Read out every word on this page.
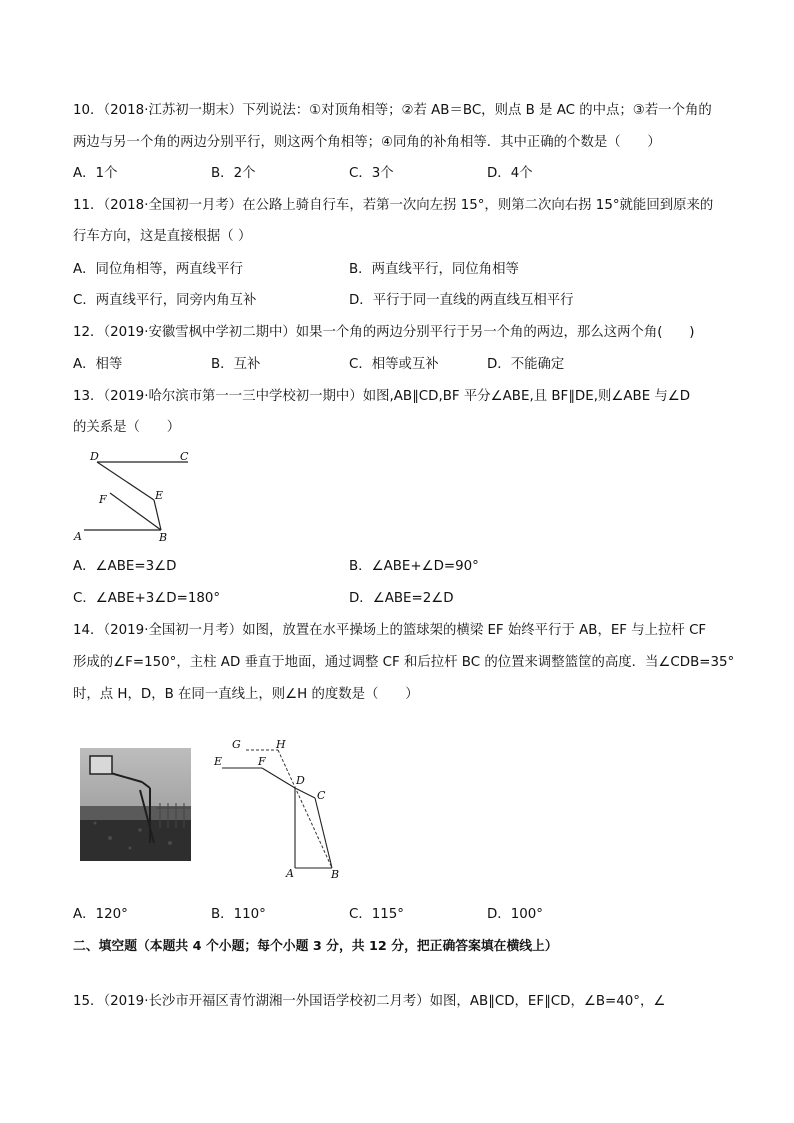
10．（2018·江苏初一期末）下列说法：①对顶角相等；②若 AB＝BC，则点 B 是 AC 的中点；③若一个角的
两边与另一个角的两边分别平行，则这两个角相等；④同角的补角相等．其中正确的个数是（　　）
A．1个	B．2个	C．3个	D．4个
11．（2018·全国初一月考）在公路上骑自行车，若第一次向左拐 15°，则第二次向右拐 15°就能回到原来的
行车方向，这是直接根据（ ）
A．同位角相等，两直线平行	B．两直线平行，同位角相等
C．两直线平行，同旁内角互补	D．平行于同一直线的两直线互相平行
12．（2019·安徽雪枫中学初二期中）如果一个角的两边分别平行于另一个角的两边，那么这两个角(　　)
A．相等	B．互补	C．相等或互补	D．不能确定
13．（2019·哈尔滨市第一一三中学校初一期中）如图,AB∥CD,BF 平分∠ABE,且 BF∥DE,则∠ABE 与∠D
的关系是（　　）
D	C
F	E
A	B
A．∠ABE=3∠D	B．∠ABE+∠D=90°
C．∠ABE+3∠D=180°	D．∠ABE=2∠D
14．（2019·全国初一月考）如图，放置在水平操场上的篮球架的横梁 EF 始终平行于 AB，EF 与上拉杆 CF
形成的∠F=150°，主柱 AD 垂直于地面，通过调整 CF 和后拉杆 BC 的位置来调整篮筐的高度．当∠CDB=35°
时，点 H，D，B 在同一直线上，则∠H 的度数是（　　）
G	H
E	F
D
C
A	B
A．120°	B．110°	C．115°	D．100°
二、填空题（本题共 4 个小题；每个小题 3 分，共 12 分，把正确答案填在横线上）
15．（2019·长沙市开福区青竹湖湘一外国语学校初二月考）如图，AB∥CD，EF∥CD，∠B=40°，∠
